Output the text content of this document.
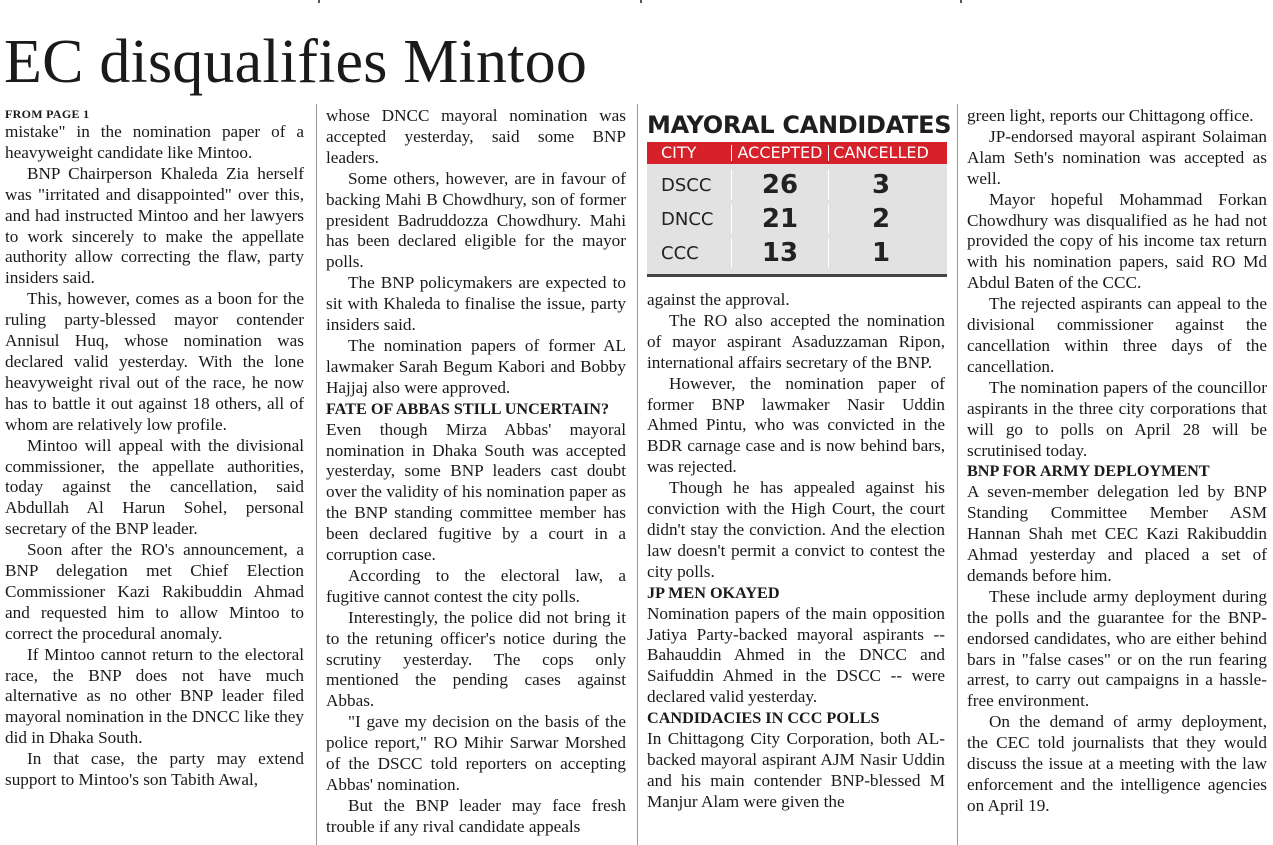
EC disqualifies Mintoo
FROM PAGE 1

mistake" in the nomination paper of a heavyweight candidate like Mintoo.

BNP Chairperson Khaleda Zia herself was "irritated and disappointed" over this, and had instructed Mintoo and her lawyers to work sincerely to make the appellate authority allow correcting the flaw, party insiders said.

This, however, comes as a boon for the ruling party-blessed mayor contender Annisul Huq, whose nomination was declared valid yesterday. With the lone heavyweight rival out of the race, he now has to battle it out against 18 others, all of whom are relatively low profile.

Mintoo will appeal with the divisional commissioner, the appellate authorities, today against the cancellation, said Abdullah Al Harun Sohel, personal secretary of the BNP leader.

Soon after the RO's announcement, a BNP delegation met Chief Election Commissioner Kazi Rakibuddin Ahmad and requested him to allow Mintoo to correct the procedural anomaly.

If Mintoo cannot return to the electoral race, the BNP does not have much alternative as no other BNP leader filed mayoral nomination in the DNCC like they did in Dhaka South.

In that case, the party may extend support to Mintoo's son Tabith Awal,

whose DNCC mayoral nomination was accepted yesterday, said some BNP leaders.

Some others, however, are in favour of backing Mahi B Chowdhury, son of former president Badruddozza Chowdhury. Mahi has been declared eligible for the mayor polls.

The BNP policymakers are expected to sit with Khaleda to finalise the issue, party insiders said.

The nomination papers of former AL lawmaker Sarah Begum Kabori and Bobby Hajjaj also were approved.

FATE OF ABBAS STILL UNCERTAIN?

Even though Mirza Abbas' mayoral nomination in Dhaka South was accepted yesterday, some BNP leaders cast doubt over the validity of his nomination paper as the BNP standing committee member has been declared fugitive by a court in a corruption case.

According to the electoral law, a fugitive cannot contest the city polls.

Interestingly, the police did not bring it to the retuning officer's notice during the scrutiny yesterday. The cops only mentioned the pending cases against Abbas.

"I gave my decision on the basis of the police report," RO Mihir Sarwar Morshed of the DSCC told reporters on accepting Abbas' nomination.

But the BNP leader may face fresh trouble if any rival candidate appeals

MAYORAL CANDIDATES
CITY	ACCEPTED CANCELLED
DSCC	26	3
DNCC	21	2
CCC	13	1

against the approval.

The RO also accepted the nomination of mayor aspirant Asaduzzaman Ripon, international affairs secretary of the BNP.

However, the nomination paper of former BNP lawmaker Nasir Uddin Ahmed Pintu, who was convicted in the BDR carnage case and is now behind bars, was rejected.

Though he has appealed against his conviction with the High Court, the court didn't stay the conviction. And the election law doesn't permit a convict to contest the city polls.

JP MEN OKAYED

Nomination papers of the main opposition Jatiya Party-backed mayoral aspirants -- Bahauddin Ahmed in the DNCC and Saifuddin Ahmed in the DSCC -- were declared valid yesterday.

CANDIDACIES IN CCC POLLS

In Chittagong City Corporation, both AL-backed mayoral aspirant AJM Nasir Uddin and his main contender BNP-blessed M Manjur Alam were given the

green light, reports our Chittagong office.

JP-endorsed mayoral aspirant Solaiman Alam Seth's nomination was accepted as well.

Mayor hopeful Mohammad Forkan Chowdhury was disqualified as he had not provided the copy of his income tax return with his nomination papers, said RO Md Abdul Baten of the CCC.

The rejected aspirants can appeal to the divisional commissioner against the cancellation within three days of the cancellation.

The nomination papers of the councillor aspirants in the three city corporations that will go to polls on April 28 will be scrutinised today.

BNP FOR ARMY DEPLOYMENT

A seven-member delegation led by BNP Standing Committee Member ASM Hannan Shah met CEC Kazi Rakibuddin Ahmad yesterday and placed a set of demands before him.

These include army deployment during the polls and the guarantee for the BNP-endorsed candidates, who are either behind bars in "false cases" or on the run fearing arrest, to carry out campaigns in a hassle-free environment.

On the demand of army deployment, the CEC told journalists that they would discuss the issue at a meeting with the law enforcement and the intelligence agencies on April 19.
